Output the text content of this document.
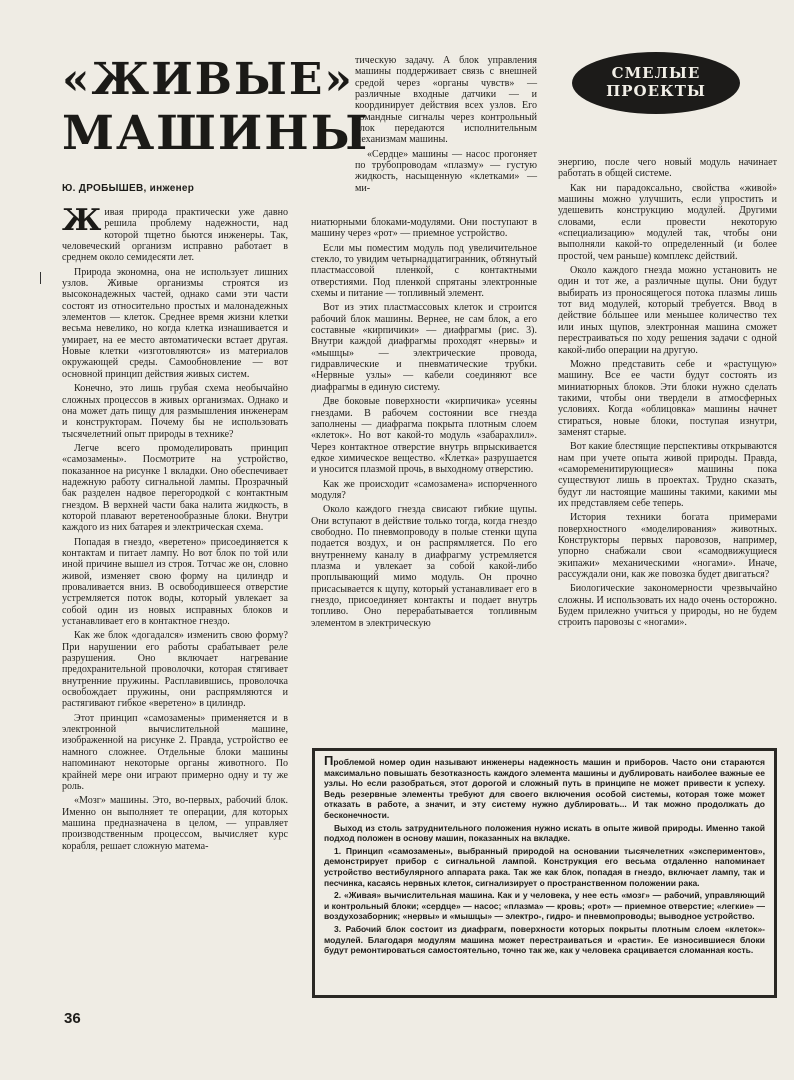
«ЖИВЫЕ»
МАШИНЫ
Ю. ДРОБЫШЕВ, инженер
СМЕЛЫЕ
ПРОЕКТЫ

Живая природа практически уже давно решила проблему надежности, над которой тщетно бьются инженеры. Так, человеческий организм исправно работает в среднем около семидесяти лет.

Природа экономна, она не использует лишних узлов. Живые организмы строятся из высоконадежных частей, однако сами эти части состоят из относительно простых и малонадежных элементов — клеток. Среднее время жизни клетки весьма невелико, но когда клетка изнашивается и умирает, на ее место автоматически встает другая. Новые клетки «изготовляются» из материалов окружающей среды. Самообновление — вот основной принцип действия живых систем.

Конечно, это лишь грубая схема необычайно сложных процессов в живых организмах. Однако и она может дать пищу для размышления инженерам и конструкторам. Почему бы не использовать тысячелетний опыт природы в технике?

Легче всего промоделировать принцип «самозамены». Посмотрите на устройство, показанное на рисунке 1 вкладки. Оно обеспечивает надежную работу сигнальной лампы. Прозрачный бак разделен надвое перегородкой с контактным гнездом. В верхней части бака налита жидкость, в которой плавают веретенообразные блоки. Внутри каждого из них батарея и электрическая схема.

Попадая в гнездо, «веретено» присоединяется к контактам и питает лампу. Но вот блок по той или иной причине вышел из строя. Тотчас же он, словно живой, изменяет свою форму на цилиндр и проваливается вниз. В освободившееся отверстие устремляется поток воды, который увлекает за собой один из новых исправных блоков и устанавливает его в контактное гнездо.

Как же блок «догадался» изменить свою форму? При нарушении его работы срабатывает реле разрушения. Оно включает нагревание предохранительной проволочки, которая стягивает внутренние пружины. Расплавившись, проволочка освобождает пружины, они распрямляются и растягивают гибкое «веретено» в цилиндр.

Этот принцип «самозамены» применяется и в электронной вычислительной машине, изображенной на рисунке 2. Правда, устройство ее намного сложнее. Отдельные блоки машины напоминают некоторые органы животного. По крайней мере они играют примерно одну и ту же роль.

«Мозг» машины. Это, во-первых, рабочий блок. Именно он выполняет те операции, для которых машина предназначена в целом, — управляет производственным процессом, вычисляет курс корабля, решает сложную матема-

тическую задачу. А блок управления машины поддерживает связь с внешней средой через «органы чувств» — различные входные датчики — и координирует действия всех узлов. Его командные сигналы через контрольный блок передаются исполнительным механизмам машины.

«Сердце» машины — насос прогоняет по трубопроводам «плазму» — густую жидкость, насыщенную «клетками» — ми-

ниатюрными блоками-модулями. Они поступают в машину через «рот» — приемное устройство.

Если мы поместим модуль под увеличительное стекло, то увидим четырнадцатигранник, обтянутый пластмассовой пленкой, с контактными отверстиями. Под пленкой спрятаны электронные схемы и питание — топливный элемент.

Вот из этих пластмассовых клеток и строится рабочий блок машины. Вернее, не сам блок, а его составные «кирпичики» — диафрагмы (рис. 3). Внутри каждой диафрагмы проходят «нервы» и «мышцы» — электрические провода, гидравлические и пневматические трубки. «Нервные узлы» — кабели соединяют все диафрагмы в единую систему.

Две боковые поверхности «кирпичика» усеяны гнездами. В рабочем состоянии все гнезда заполнены — диафрагма покрыта плотным слоем «клеток». Но вот какой-то модуль «забарахлил». Через контактное отверстие внутрь впрыскивается едкое химическое вещество. «Клетка» разрушается и уносится плазмой прочь, в выходному отверстию.

Как же происходит «самозамена» испорченного модуля?

Около каждого гнезда свисают гибкие щупы. Они вступают в действие только тогда, когда гнездо свободно. По пневмопроводу в полые стенки щупа подается воздух, и он распрямляется. По его внутреннему каналу в диафрагму устремляется плазма и увлекает за собой какой-либо проплывающий мимо модуль. Он прочно присасывается к щупу, который устанавливает его в гнездо, присоединяет контакты и подает внутрь топливо. Оно перерабатывается топливным элементом в электрическую

энергию, после чего новый модуль начинает работать в общей системе.

Как ни парадоксально, свойства «живой» машины можно улучшить, если упростить и удешевить конструкцию модулей. Другими словами, если провести некоторую «специализацию» модулей так, чтобы они выполняли какой-то определенный (и более простой, чем раньше) комплекс действий.

Около каждого гнезда можно установить не один и тот же, а различные щупы. Они будут выбирать из проносящегося потока плазмы лишь тот вид модулей, который требуется. Ввод в действие бóльшее или меньшее количество тех или иных щупов, электронная машина сможет перестраиваться по ходу решения задачи с одной какой-либо операции на другую.

Можно представить себе и «растущую» машину. Все ее части будут состоять из миниатюрных блоков. Эти блоки нужно сделать такими, чтобы они твердели в атмосферных условиях. Когда «облицовка» машины начнет стираться, новые блоки, поступая изнутри, заменят старые.

Вот какие блестящие перспективы открываются нам при учете опыта живой природы. Правда, «самоременитирующиеся» машины пока существуют лишь в проектах. Трудно сказать, будут ли настоящие машины такими, какими мы их представляем себе теперь.

История техники богата примерами поверхностного «моделирования» животных. Конструкторы первых паровозов, например, упорно снабжали свои «самодвижущиеся экипажи» механическими «ногами». Иначе, рассуждали они, как же повозка будет двигаться?

Биологические закономерности чрезвычайно сложны. И использовать их надо очень осторожно. Будем прилежно учиться у природы, но не будем строить паровозы с «ногами».

Проблемой номер один называют инженеры надежность машин и приборов. Часто они стараются максимально повышать безотказность каждого элемента машины и дублировать наиболее важные ее узлы. Но если разобраться, этот дорогой и сложный путь в принципе не может привести к успеху. Ведь резервные элементы требуют для своего включения особой системы, которая тоже может отказать в работе, а значит, и эту систему нужно дублировать... И так можно продолжать до бесконечности.

Выход из столь затруднительного положения нужно искать в опыте живой природы. Именно такой подход положен в основу машин, показанных на вкладке.

1. Принцип «самозамены», выбранный природой на основании тысячелетних «экспериментов», демонстрирует прибор с сигнальной лампой. Конструкция его весьма отдаленно напоминает устройство вестибулярного аппарата рака. Так же как блок, попадая в гнездо, включает лампу, так и песчинка, касаясь нервных клеток, сигнализирует о пространственном положении рака.

2. «Живая» вычислительная машина. Как и у человека, у нее есть «мозг» — рабочий, управляющий и контрольный блоки; «сердце» — насос; «плазма» — кровь; «рот» — приемное отверстие; «легкие» — воздухозаборник; «нервы» и «мышцы» — электро-, гидро- и пневмопроводы; выводное устройство.

3. Рабочий блок состоит из диафрагм, поверхности которых покрыты плотным слоем «клеток»-модулей. Благодаря модулям машина может перестраиваться и «расти». Ее износившиеся блоки будут ремонтироваться самостоятельно, точно так же, как у человека срацивается сломанная кость.

36
